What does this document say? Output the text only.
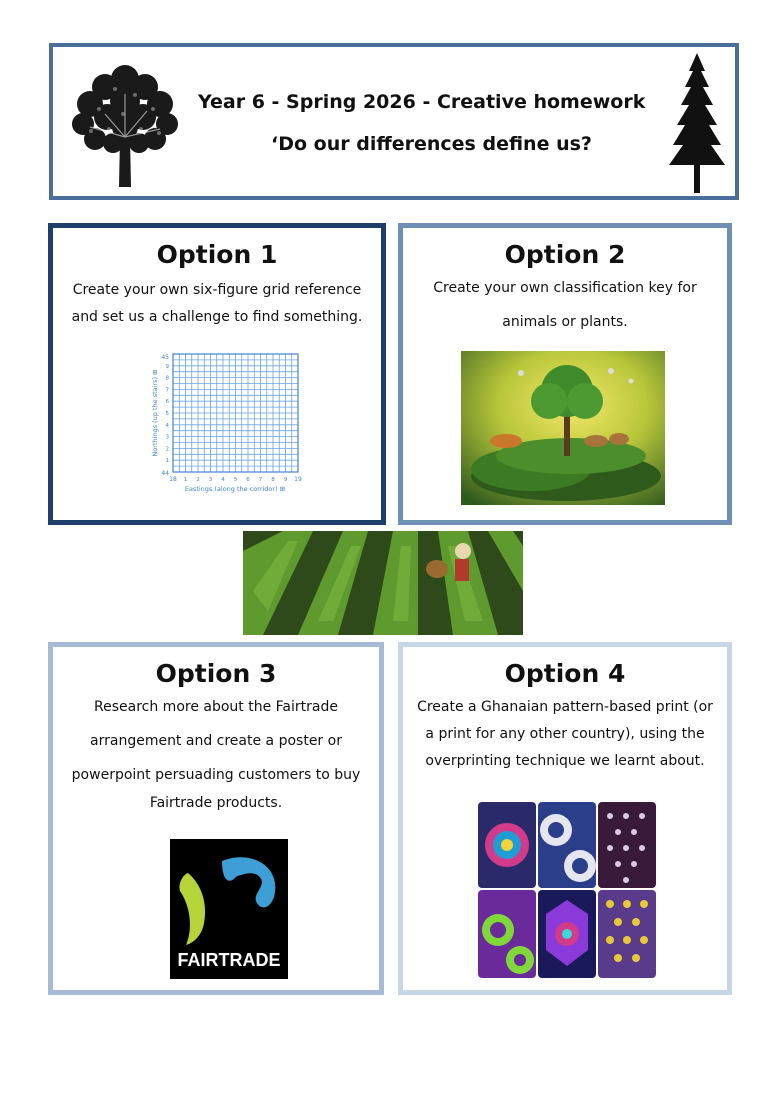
Year 6 - Spring 2026 - Creative homework
‘Do our differences define us?
Option 1
Create your own six-figure grid reference
and set us a challenge to find something.
45
44
18	19
9
8
7
6
5
4
3
2
1
1 2 3 4 5 6 7 8 9
Eastings (along the corridor) ⊞
Northings (up the stairs) ⊞
Option 2
Create your own classification key for
animals or plants.
Option 3
Research more about the Fairtrade
arrangement and create a poster or
powerpoint persuading customers to buy
Fairtrade products.
FAIRTRADE
Option 4
Create a Ghanaian pattern-based print (or
a print for any other country), using the
overprinting technique we learnt about.
